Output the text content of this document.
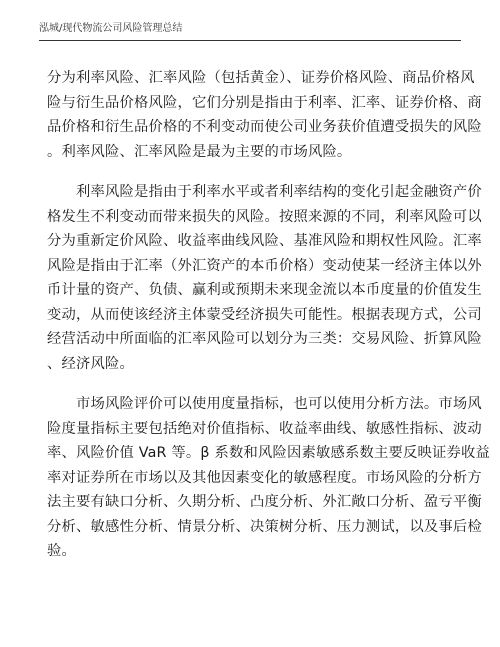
泓城/现代物流公司风险管理总结
分为利率风险、汇率风险（包括黄金）、证券价格风险、商品价格风
险与衍生品价格风险，它们分别是指由于利率、汇率、证券价格、商
品价格和衍生品价格的不利变动而使公司业务获价值遭受损失的风险
。利率风险、汇率风险是最为主要的市场风险。
　　利率风险是指由于利率水平或者利率结构的变化引起金融资产价
格发生不利变动而带来损失的风险。按照来源的不同，利率风险可以
分为重新定价风险、收益率曲线风险、基准风险和期权性风险。汇率
风险是指由于汇率（外汇资产的本币价格）变动使某一经济主体以外
币计量的资产、负债、赢利或预期未来现金流以本币度量的价值发生
变动，从而使该经济主体蒙受经济损失可能性。根据表现方式，公司
经营活动中所面临的汇率风险可以划分为三类：交易风险、折算风险
、经济风险。
　　市场风险评价可以使用度量指标，也可以使用分析方法。市场风
险度量指标主要包括绝对价值指标、收益率曲线、敏感性指标、波动
率、风险价值 VaR 等。β 系数和风险因素敏感系数主要反映证券收益
率对证券所在市场以及其他因素变化的敏感程度。市场风险的分析方
法主要有缺口分析、久期分析、凸度分析、外汇敞口分析、盈亏平衡
分析、敏感性分析、情景分析、决策树分析、压力测试，以及事后检
验。
